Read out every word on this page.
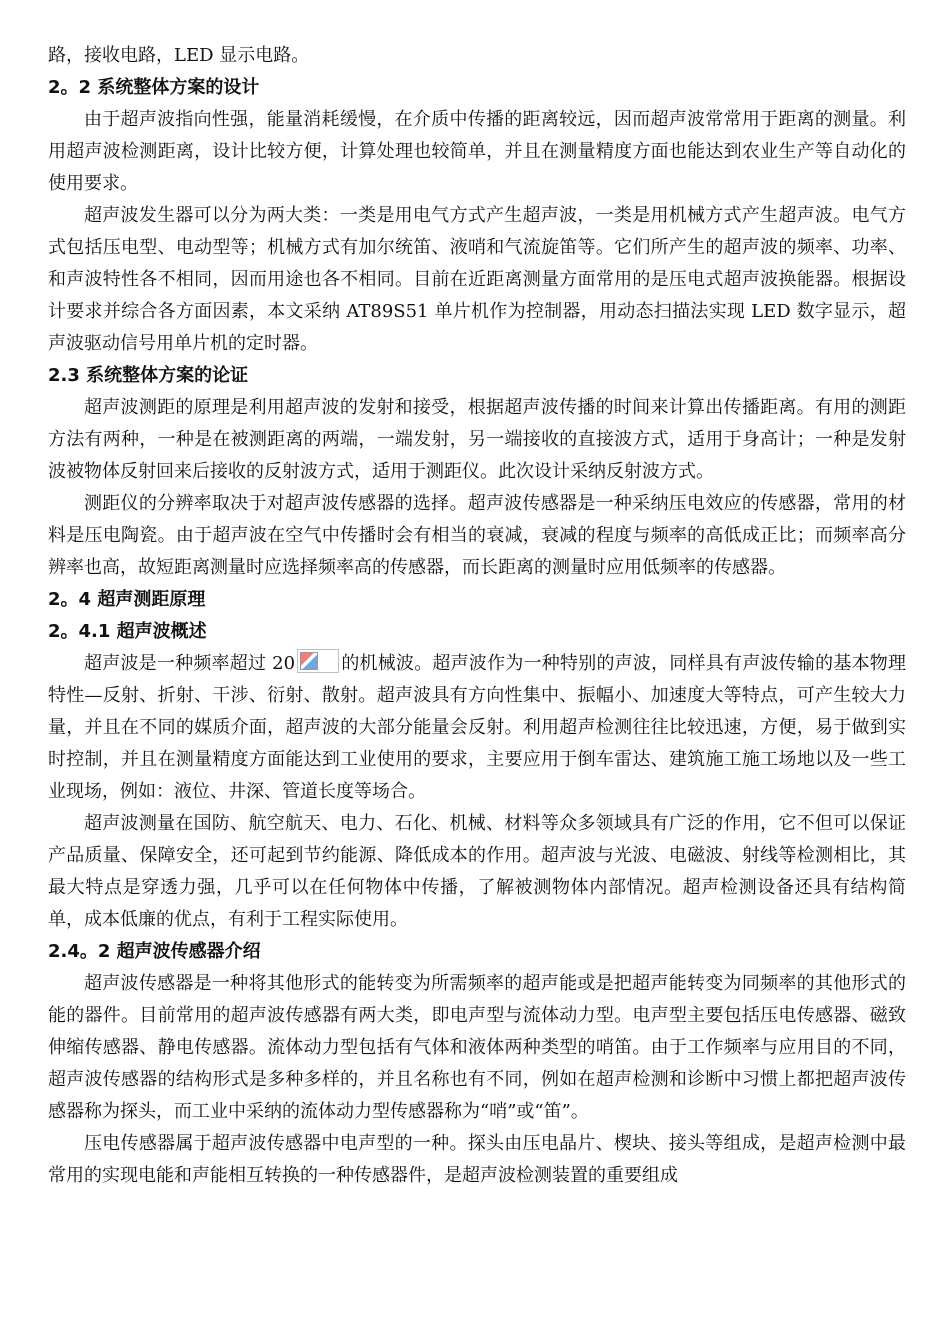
路，接收电路，LED 显示电路。

2。2 系统整体方案的设计

由于超声波指向性强，能量消耗缓慢，在介质中传播的距离较远，因而超声波常常用于距离的测量。利用超声波检测距离，设计比较方便，计算处理也较简单，并且在测量精度方面也能达到农业生产等自动化的使用要求。

超声波发生器可以分为两大类：一类是用电气方式产生超声波，一类是用机械方式产生超声波。电气方式包括压电型、电动型等；机械方式有加尔统笛、液哨和气流旋笛等。它们所产生的超声波的频率、功率、和声波特性各不相同，因而用途也各不相同。目前在近距离测量方面常用的是压电式超声波换能器。根据设计要求并综合各方面因素，本文采纳 AT89S51 单片机作为控制器，用动态扫描法实现 LED 数字显示，超声波驱动信号用单片机的定时器。

2.3 系统整体方案的论证

超声波测距的原理是利用超声波的发射和接受，根据超声波传播的时间来计算出传播距离。有用的测距方法有两种，一种是在被测距离的两端，一端发射，另一端接收的直接波方式，适用于身高计；一种是发射波被物体反射回来后接收的反射波方式，适用于测距仪。此次设计采纳反射波方式。

测距仪的分辨率取决于对超声波传感器的选择。超声波传感器是一种采纳压电效应的传感器，常用的材料是压电陶瓷。由于超声波在空气中传播时会有相当的衰减，衰减的程度与频率的高低成正比；而频率高分辨率也高，故短距离测量时应选择频率高的传感器，而长距离的测量时应用低频率的传感器。

2。4 超声测距原理

2。4.1 超声波概述

超声波是一种频率超过 20	的机械波。超声波作为一种特别的声波，同样具有声波传输的基本物理特性—反射、折射、干涉、衍射、散射。超声波具有方向性集中、振幅小、加速度大等特点，可产生较大力量，并且在不同的媒质介面，超声波的大部分能量会反射。利用超声检测往往比较迅速，方便，易于做到实时控制，并且在测量精度方面能达到工业使用的要求，主要应用于倒车雷达、建筑施工施工场地以及一些工业现场，例如：液位、井深、管道长度等场合。

超声波测量在国防、航空航天、电力、石化、机械、材料等众多领域具有广泛的作用，它不但可以保证产品质量、保障安全，还可起到节约能源、降低成本的作用。超声波与光波、电磁波、射线等检测相比，其最大特点是穿透力强，几乎可以在任何物体中传播，了解被测物体内部情况。超声检测设备还具有结构简单，成本低廉的优点，有利于工程实际使用。

2.4。2 超声波传感器介绍

超声波传感器是一种将其他形式的能转变为所需频率的超声能或是把超声能转变为同频率的其他形式的能的器件。目前常用的超声波传感器有两大类，即电声型与流体动力型。电声型主要包括压电传感器、磁致伸缩传感器、静电传感器。流体动力型包括有气体和液体两种类型的哨笛。由于工作频率与应用目的不同，超声波传感器的结构形式是多种多样的，并且名称也有不同，例如在超声检测和诊断中习惯上都把超声波传感器称为探头，而工业中采纳的流体动力型传感器称为“哨”或“笛”。

压电传感器属于超声波传感器中电声型的一种。探头由压电晶片、楔块、接头等组成，是超声检测中最常用的实现电能和声能相互转换的一种传感器件，是超声波检测装置的重要组成
